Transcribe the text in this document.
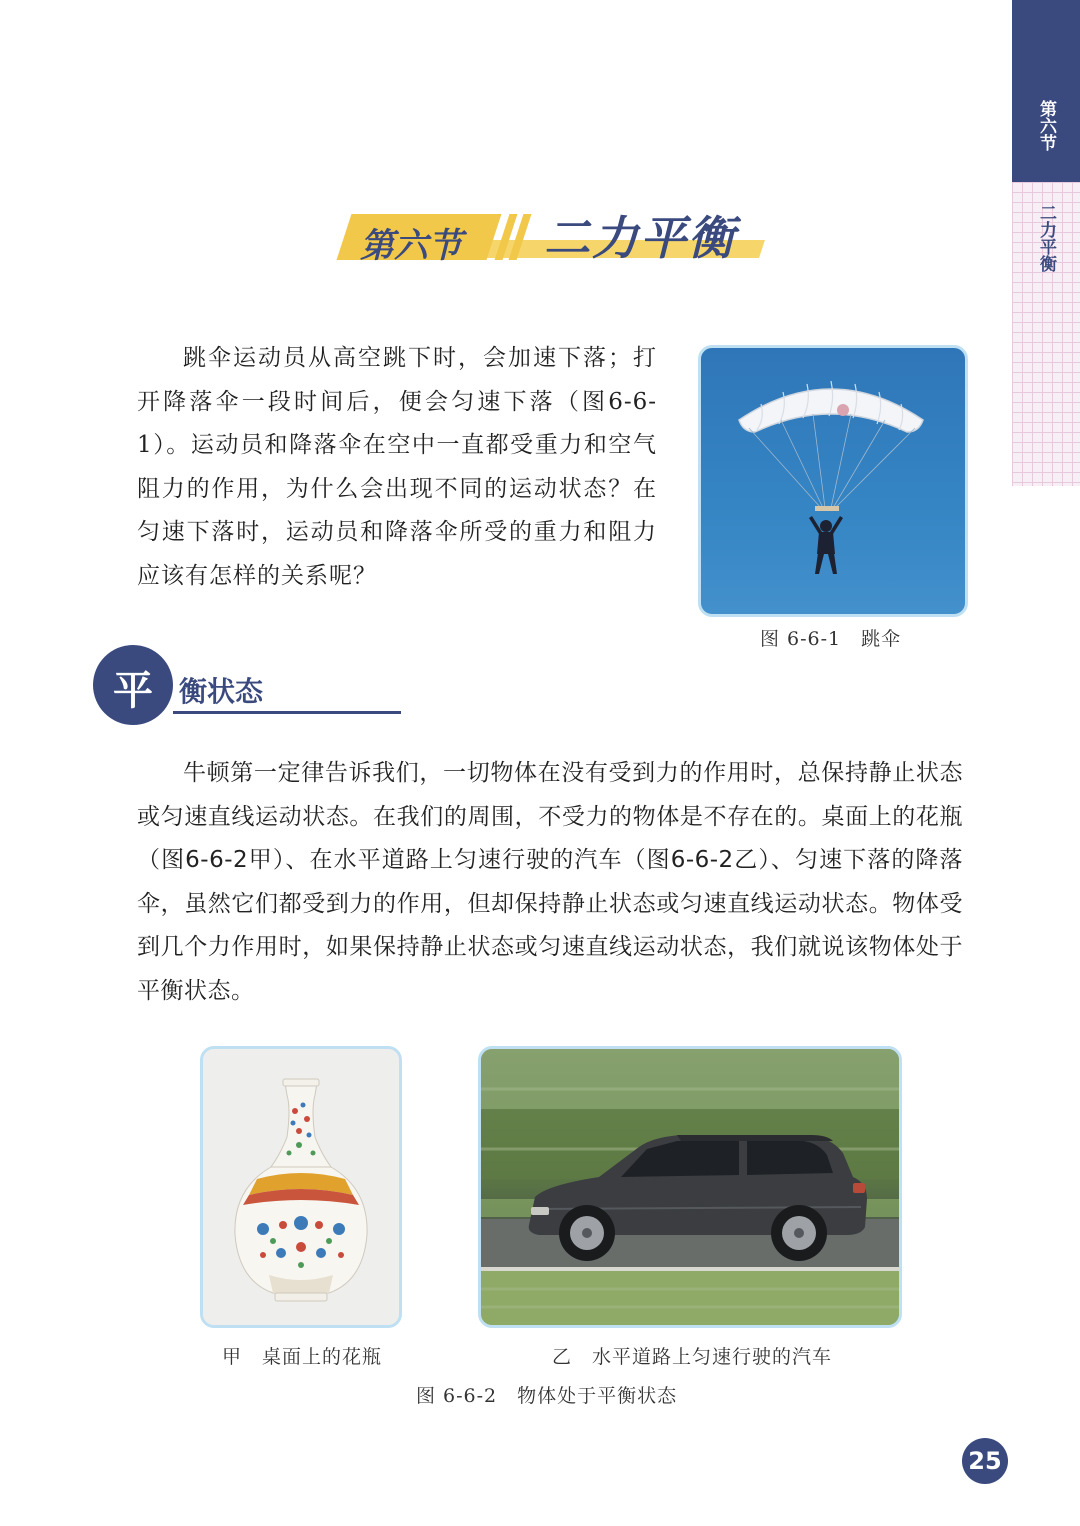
第六节
二力平衡
第六节 二力平衡

跳伞运动员从高空跳下时，会加速下落；打开降落伞一段时间后，便会匀速下落（图6-6-1）。运动员和降落伞在空中一直都受重力和空气阻力的作用，为什么会出现不同的运动状态？在匀速下落时，运动员和降落伞所受的重力和阻力应该有怎样的关系呢？

图 6-6-1　跳伞
平 衡状态

牛顿第一定律告诉我们，一切物体在没有受到力的作用时，总保持静止状态或匀速直线运动状态。在我们的周围，不受力的物体是不存在的。桌面上的花瓶（图6-6-2甲）、在水平道路上匀速行驶的汽车（图6-6-2乙）、匀速下落的降落伞，虽然它们都受到力的作用，但却保持静止状态或匀速直线运动状态。物体受到几个力作用时，如果保持静止状态或匀速直线运动状态，我们就说该物体处于平衡状态。

甲　桌面上的花瓶	乙　水平道路上匀速行驶的汽车
图 6-6-2　物体处于平衡状态
25
